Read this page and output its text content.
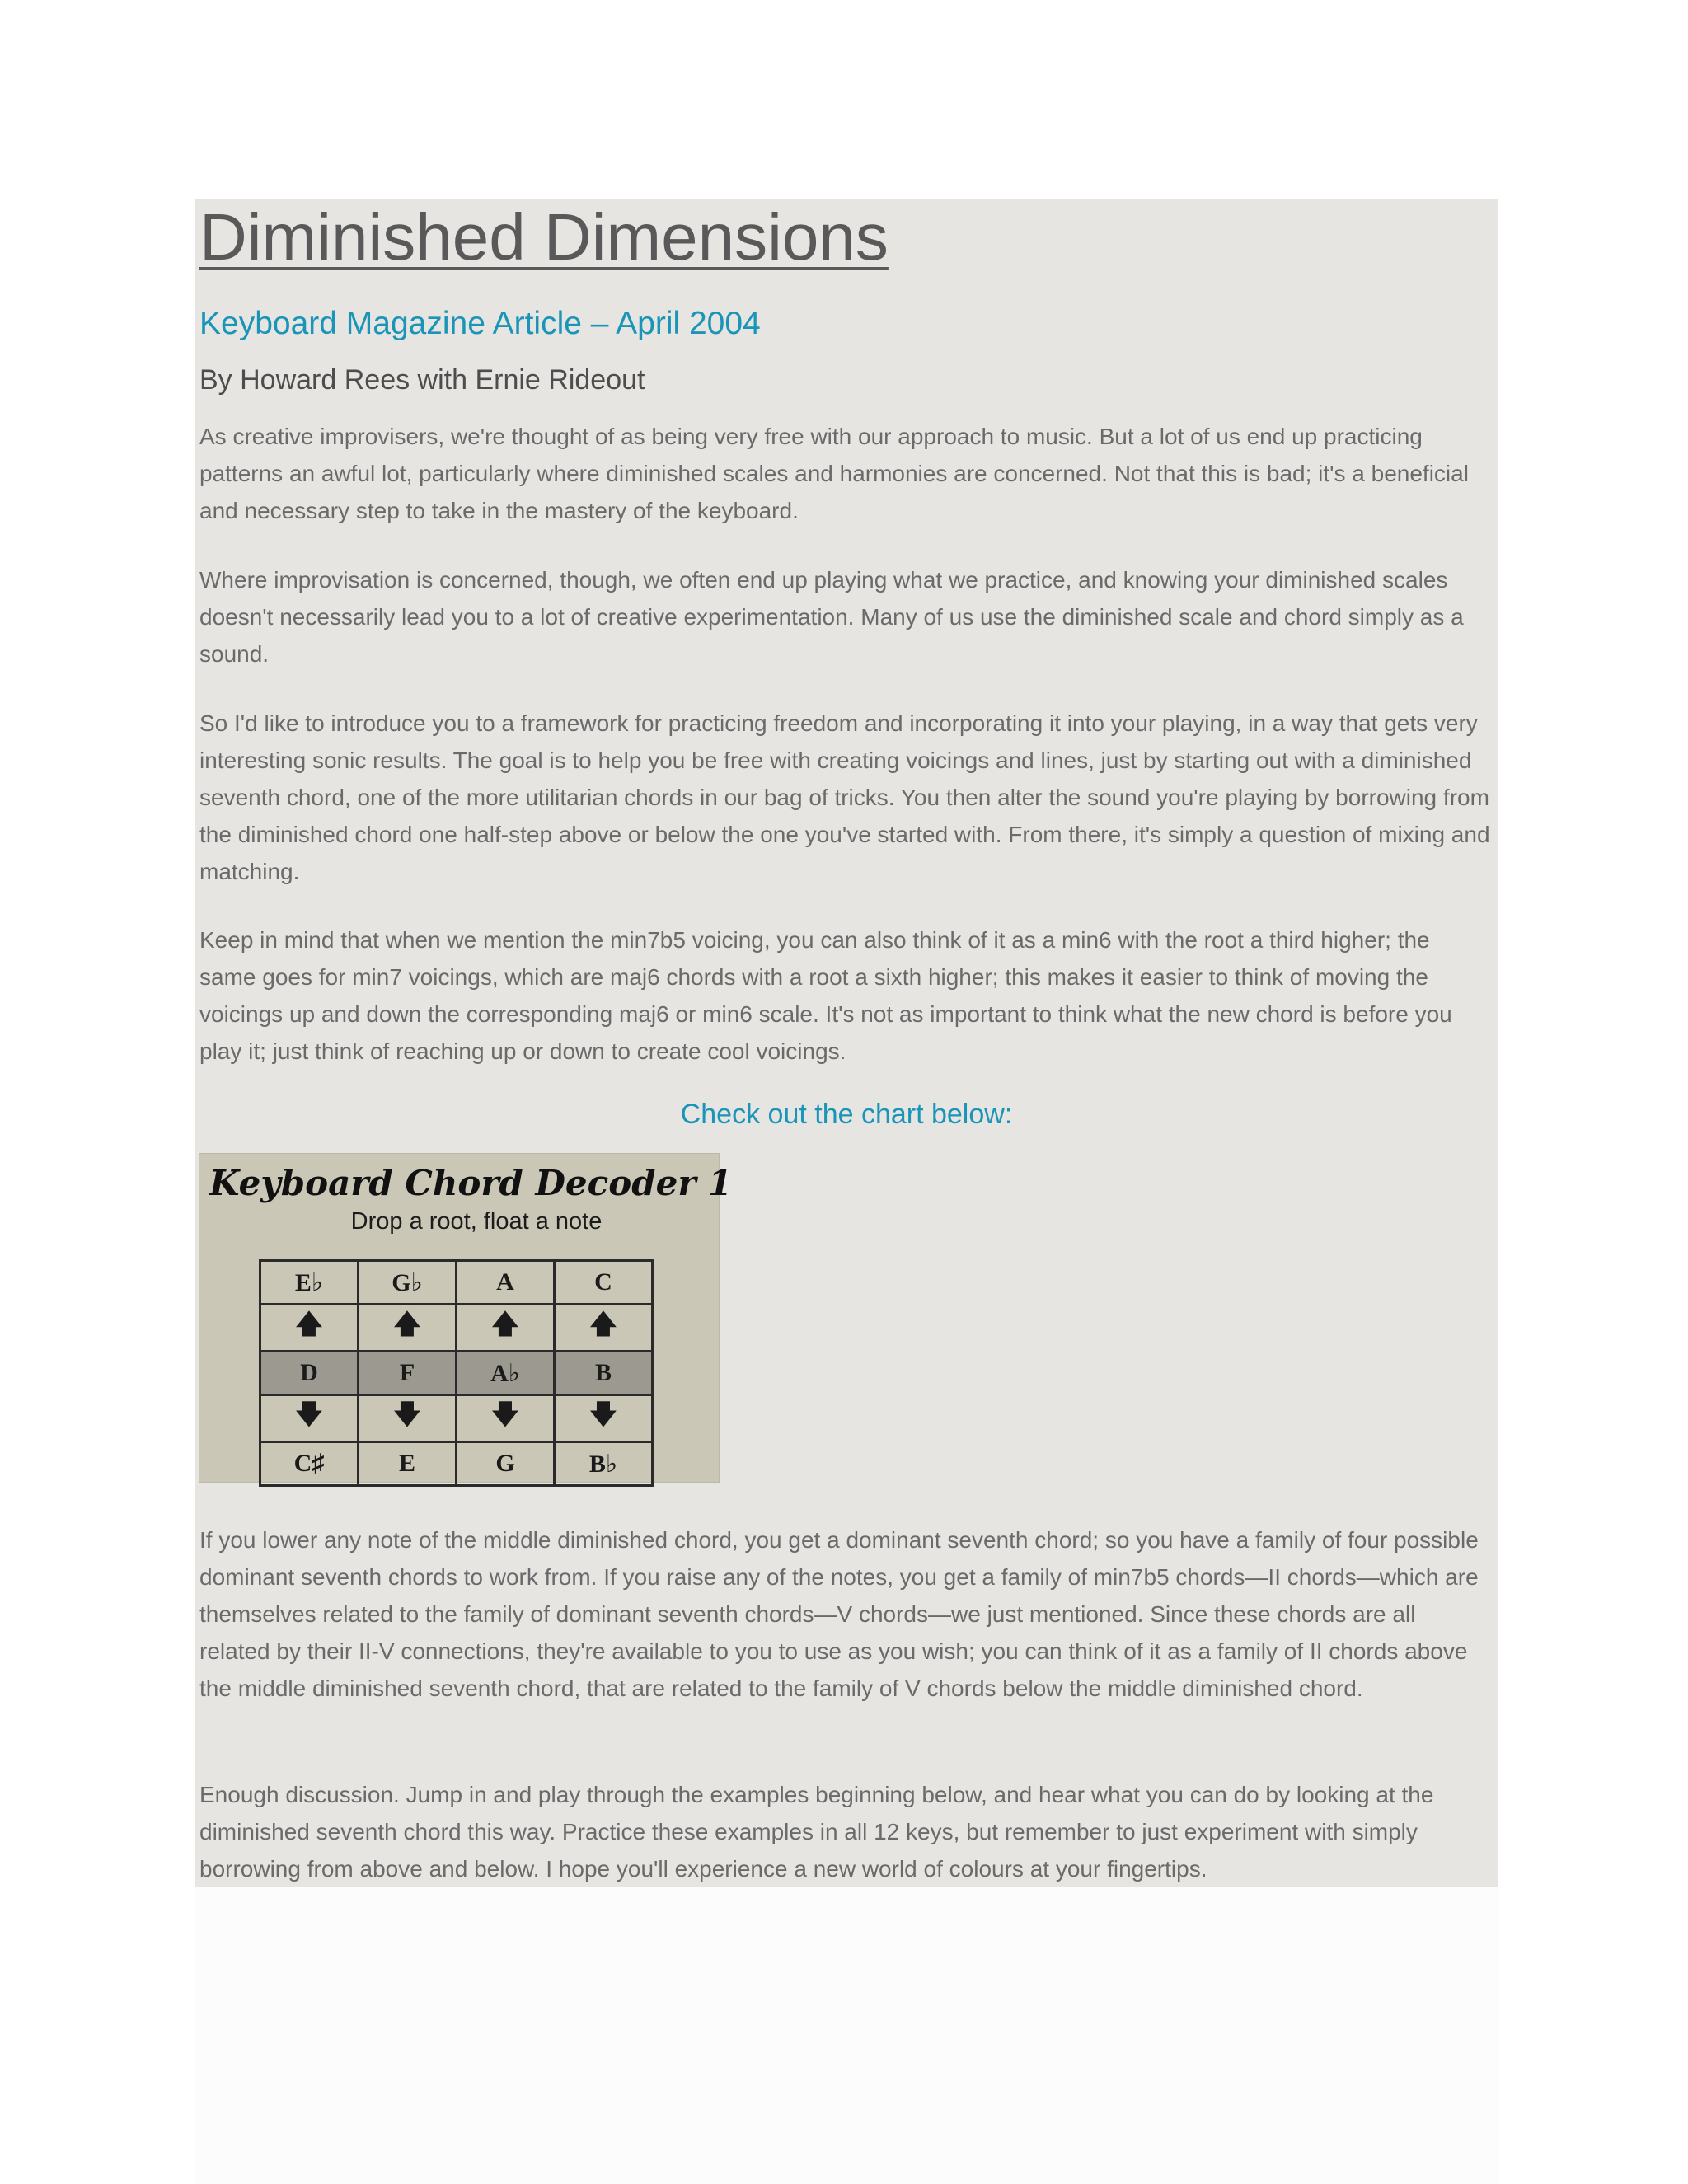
Diminished Dimensions
Keyboard Magazine Article – April 2004
By Howard Rees with Ernie Rideout

As creative improvisers, we're thought of as being very free with our approach to music. But a lot of us end up practicing patterns an awful lot, particularly where diminished scales and harmonies are concerned. Not that this is bad; it's a beneficial and necessary step to take in the mastery of the keyboard.

Where improvisation is concerned, though, we often end up playing what we practice, and knowing your diminished scales doesn't necessarily lead you to a lot of creative experimentation. Many of us use the diminished scale and chord simply as a sound.

So I'd like to introduce you to a framework for practicing freedom and incorporating it into your playing, in a way that gets very interesting sonic results. The goal is to help you be free with creating voicings and lines, just by starting out with a diminished seventh chord, one of the more utilitarian chords in our bag of tricks. You then alter the sound you're playing by borrowing from the diminished chord one half-step above or below the one you've started with. From there, it's simply a question of mixing and matching.

Keep in mind that when we mention the min7b5 voicing, you can also think of it as a min6 with the root a third higher; the same goes for min7 voicings, which are maj6 chords with a root a sixth higher; this makes it easier to think of moving the voicings up and down the corresponding maj6 or min6 scale. It's not as important to think what the new chord is before you play it; just think of reaching up or down to create cool voicings.

Check out the chart below:

Keyboard Chord Decoder 1
Drop a root, float a note
E♭	G♭	A	C
🡅	🡅	🡅	🡅
D	F	A♭	B
🡇	🡇	🡇	🡇
C♯	E	G	B♭

If you lower any note of the middle diminished chord, you get a dominant seventh chord; so you have a family of four possible dominant seventh chords to work from. If you raise any of the notes, you get a family of min7b5 chords—II chords—which are themselves related to the family of dominant seventh chords—V chords—we just mentioned. Since these chords are all related by their II-V connections, they're available to you to use as you wish; you can think of it as a family of II chords above the middle diminished seventh chord, that are related to the family of V chords below the middle diminished chord.

Enough discussion. Jump in and play through the examples beginning below, and hear what you can do by looking at the diminished seventh chord this way. Practice these examples in all 12 keys, but remember to just experiment with simply borrowing from above and below. I hope you'll experience a new world of colours at your fingertips.
